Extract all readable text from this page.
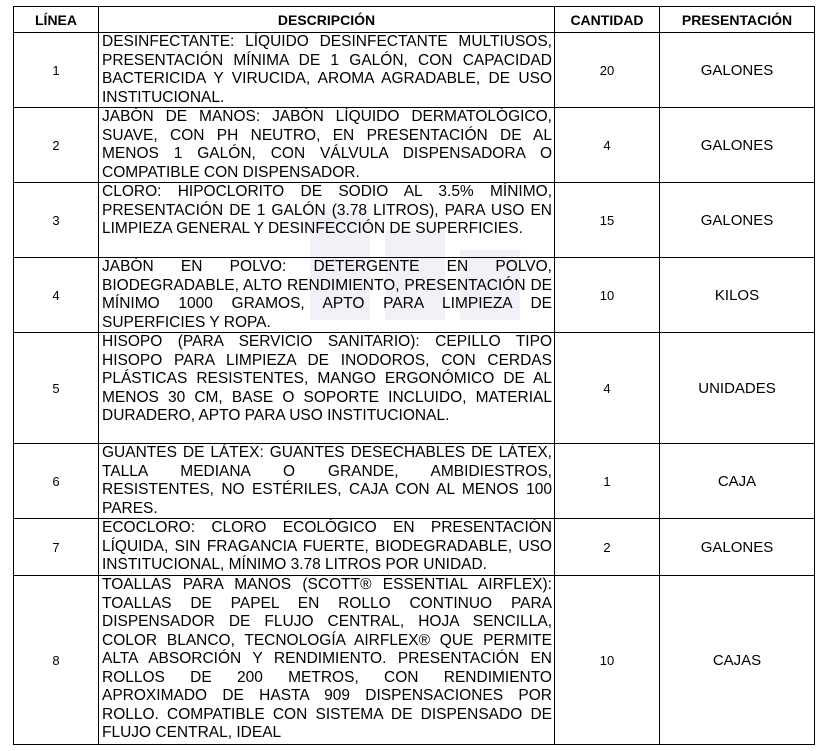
LÍNEA	DESCRIPCIÓN	CANTIDAD	PRESENTACIÓN
1	DESINFECTANTE: LÍQUIDO DESINFECTANTE MULTIUSOS, PRESENTACIÓN MÍNIMA DE 1 GALÓN, CON CAPACIDAD BACTERICIDA Y VIRUCIDA, AROMA AGRADABLE, DE USO INSTITUCIONAL.	20	GALONES
2	JABÓN DE MANOS: JABÓN LÍQUIDO DERMATOLÓGICO, SUAVE, CON PH NEUTRO, EN PRESENTACIÓN DE AL MENOS 1 GALÓN, CON VÁLVULA DISPENSADORA O COMPATIBLE CON DISPENSADOR.	4	GALONES
3	CLORO: HIPOCLORITO DE SODIO AL 3.5% MÍNIMO, PRESENTACIÓN DE 1 GALÓN (3.78 LITROS), PARA USO EN LIMPIEZA GENERAL Y DESINFECCIÓN DE SUPERFICIES.	15	GALONES
4	JABÓN EN POLVO: DETERGENTE EN POLVO, BIODEGRADABLE, ALTO RENDIMIENTO, PRESENTACIÓN DE MÍNIMO 1000 GRAMOS, APTO PARA LIMPIEZA DE SUPERFICIES Y ROPA.	10	KILOS
5	HISOPO (PARA SERVICIO SANITARIO): CEPILLO TIPO HISOPO PARA LIMPIEZA DE INODOROS, CON CERDAS PLÁSTICAS RESISTENTES, MANGO ERGONÓMICO DE AL MENOS 30 CM, BASE O SOPORTE INCLUIDO, MATERIAL DURADERO, APTO PARA USO INSTITUCIONAL.	4	UNIDADES
6	GUANTES DE LÁTEX: GUANTES DESECHABLES DE LÁTEX, TALLA MEDIANA O GRANDE, AMBIDIESTROS, RESISTENTES, NO ESTÉRILES, CAJA CON AL MENOS 100 PARES.	1	CAJA
7	ECOCLORO: CLORO ECOLÓGICO EN PRESENTACIÓN LÍQUIDA, SIN FRAGANCIA FUERTE, BIODEGRADABLE, USO INSTITUCIONAL, MÍNIMO 3.78 LITROS POR UNIDAD.	2	GALONES
8	TOALLAS PARA MANOS (SCOTT® ESSENTIAL AIRFLEX): TOALLAS DE PAPEL EN ROLLO CONTINUO PARA DISPENSADOR DE FLUJO CENTRAL, HOJA SENCILLA, COLOR BLANCO, TECNOLOGÍA AIRFLEX® QUE PERMITE ALTA ABSORCIÓN Y RENDIMIENTO. PRESENTACIÓN EN ROLLOS DE 200 METROS, CON RENDIMIENTO APROXIMADO DE HASTA 909 DISPENSACIONES POR ROLLO. COMPATIBLE CON SISTEMA DE DISPENSADO DE FLUJO CENTRAL, IDEAL	10	CAJAS
